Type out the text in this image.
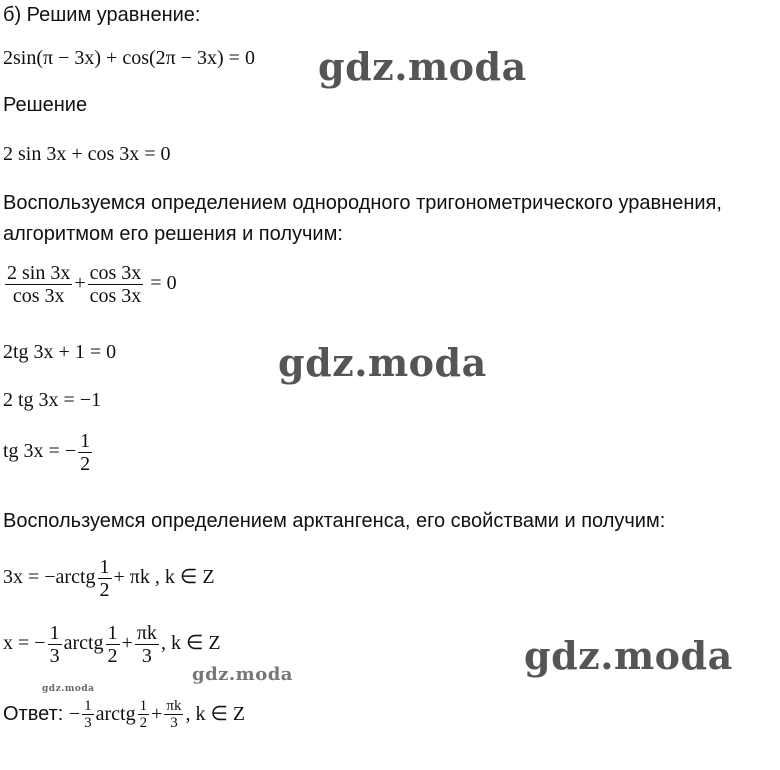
б) Решим уравнение:
2sin(π − 3x) + cos(2π − 3x) = 0
Решение
2 sin 3x + cos 3x = 0
Воспользуемся определением однородного тригонометрического уравнения,
алгоритмом его решения и получим:
$\frac{2 \sin 3x}{\cos 3x} + \frac{\cos 3x}{\cos 3x} = 0$
2tg 3x + 1 = 0
2 tg 3x = −1
tg 3x = − $\frac{1}{2}$
Воспользуемся определением арктангенса, его свойствами и получим:
3x = −arctg $\frac{1}{2} + \pi k$ , k ∈ Z
x = − $\frac{1}{3}$ arctg $\frac{1}{2} + \frac{\pi k}{3}$ , k ∈ Z
Ответ: − $\frac{1}{3}$ arctg $\frac{1}{2} + \frac{\pi k}{3}$ , k ∈ Z
gdz.moda
gdz.moda
gdz.moda
gdz.moda
gdz.moda
